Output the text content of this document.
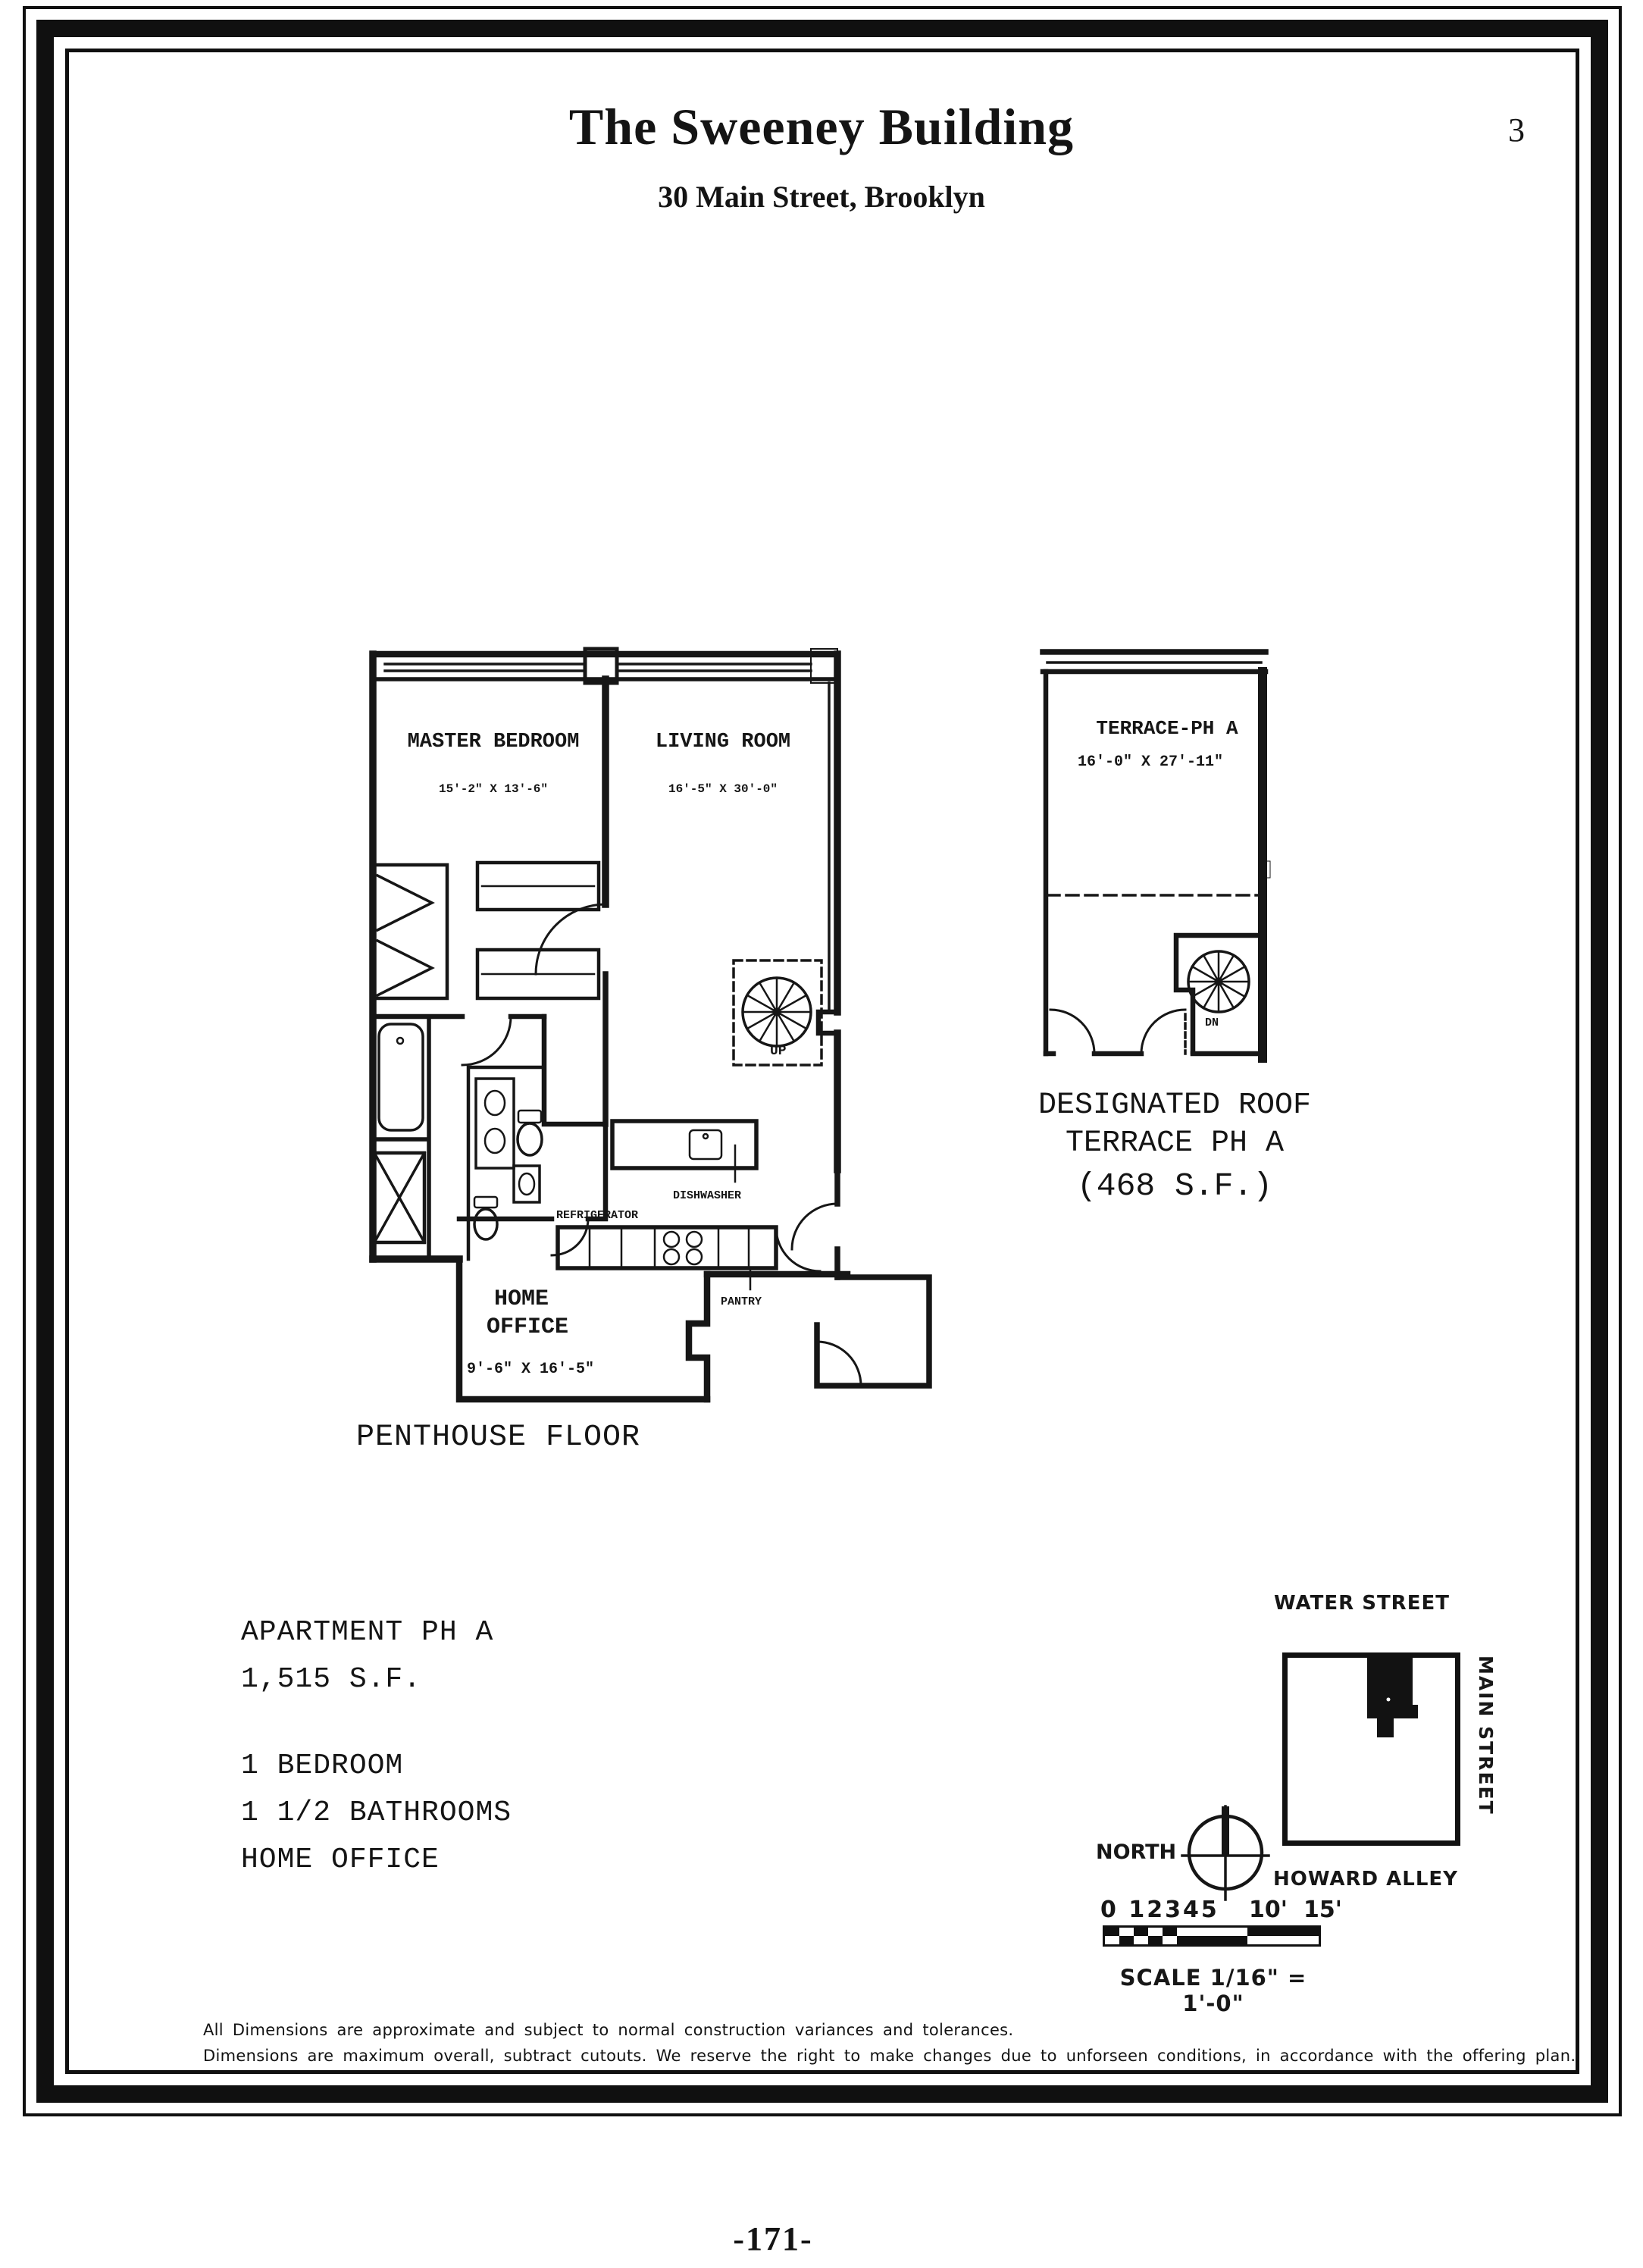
The Sweeney Building
30 Main Street, Brooklyn
3
MASTER BEDROOM
15'-2" X 13'-6"
LIVING ROOM
16'-5" X 30'-0"
HOME
OFFICE
9'-6" X 16'-5"
DISHWASHER
REFRIGERATOR
PANTRY
UP
TERRACE-PH A
16'-0" X 27'-11"
DN
DESIGNATED ROOF
TERRACE PH A
(468 S.F.)
PENTHOUSE FLOOR
APARTMENT PH A
1,515 S.F.
1 BEDROOM
1 1/2 BATHROOMS
HOME OFFICE
WATER STREET
MAIN STREET
HOWARD ALLEY
NORTH
0 12345 10' 15'
SCALE 1/16" = 1'-0"
All Dimensions are approximate and subject to normal construction variances and tolerances.
Dimensions are maximum overall, subtract cutouts. We reserve the right to make changes due to unforseen conditions, in accordance with the offering plan.
-171-
